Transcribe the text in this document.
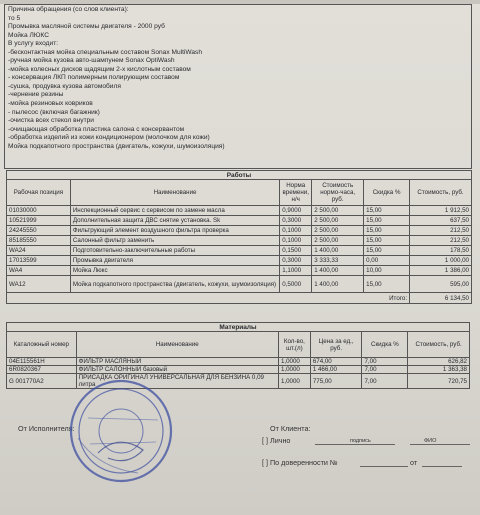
Причина обращения (со слов клиента):
то 5
Промывка масляной системы двигателя - 2000 руб
Мойка ЛЮКС
В услугу входит:
-бесконтактная мойка специальным составом Sonax MultiWash
-ручная мойка кузова авто-шампунем Sonax OptiWash
-мойка колесных дисков щадящим 2-х кислотным составом
- консервация ЛКП полимерным полирующим составом
-сушка, продувка кузова автомобиля
-чернение резины
-мойка резиновых ковриков
- пылесос (включая багажник)
-очистка всех стекол внутри
-очищающая обработка пластика салона с консервантом
-обработка изделий из кожи кондиционером (молочком для кожи)
Мойка подкапотного пространства (двигатель, кожухи, шумоизоляция)
Работы					
Рабочая позиция	Наименование	Норма времени, н/ч	Стоимость нормо-часа, руб.	Скидка %	Стоимость, руб.
01030000	Инспекционный сервис с сервисом по замене масла	0,9000	2 500,00	15,00	1 912,50
10521999	Дополнительная защита ДВС снятие установка. Sk	0,3000	2 500,00	15,00	637,50
24245550	Фильтрующий элемент воздушного фильтра проверка	0,1000	2 500,00	15,00	212,50
85185550	Салонный фильтр заменить	0,1000	2 500,00	15,00	212,50
WA24	Подготовительно-заключительные работы	0,1500	1 400,00	15,00	178,50
17013599	Промывка двигателя	0,3000	3 333,33	0,00	1 000,00
WA4	Мойка Люкс	1,1000	1 400,00	10,00	1 386,00
WA12	Мойка подкапотного пространства (двигатель, кожухи, шумоизоляция)	0,5000	1 400,00	15,00	595,00
Итого:					6 134,50
Материалы					
Каталожный номер	Наименование	Кол-во, шт.(л)	Цена за ед., руб.	Скидка %	Стоимость, руб.
04E115561H	ФИЛЬТР МАСЛЯНЫЙ	1,0000	674,00	7,00	626,82
6R0820367	ФИЛЬТР САЛОННЫЙ базовый	1,0000	1 466,00	7,00	1 363,38
G 001770A2	ПРИСАДКА ОРИГИНАЛ УНИВЕРСАЛЬНАЯ ДЛЯ БЕНЗИНА 0,09 литра	1,0000	775,00	7,00	720,75
От Исполнителя:	От Клиента:
[ ] Лично	подпись	ФИО
[ ] По доверенности №	от
